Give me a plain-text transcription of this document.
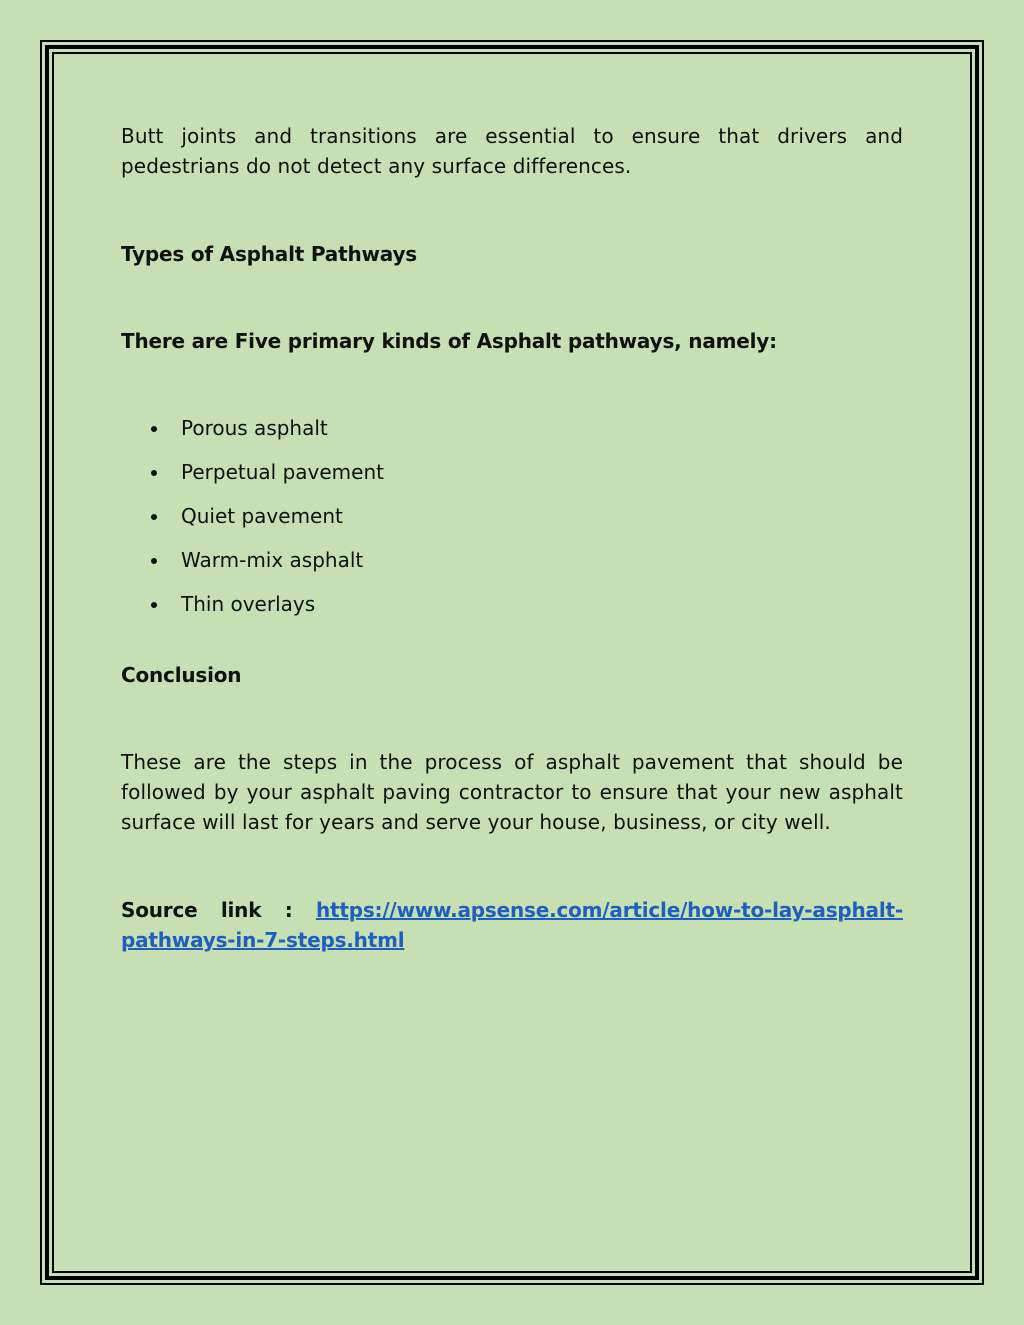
Butt joints and transitions are essential to ensure that drivers and pedestrians do not detect any surface differences.

Types of Asphalt Pathways

There are Five primary kinds of Asphalt pathways, namely:

Porous asphalt
Perpetual pavement
Quiet pavement
Warm-mix asphalt
Thin overlays

Conclusion

These are the steps in the process of asphalt pavement that should be followed by your asphalt paving contractor to ensure that your new asphalt surface will last for years and serve your house, business, or city well.

Source link : https://www.apsense.com/article/how-to-lay-asphalt-
pathways-in-7-steps.html
